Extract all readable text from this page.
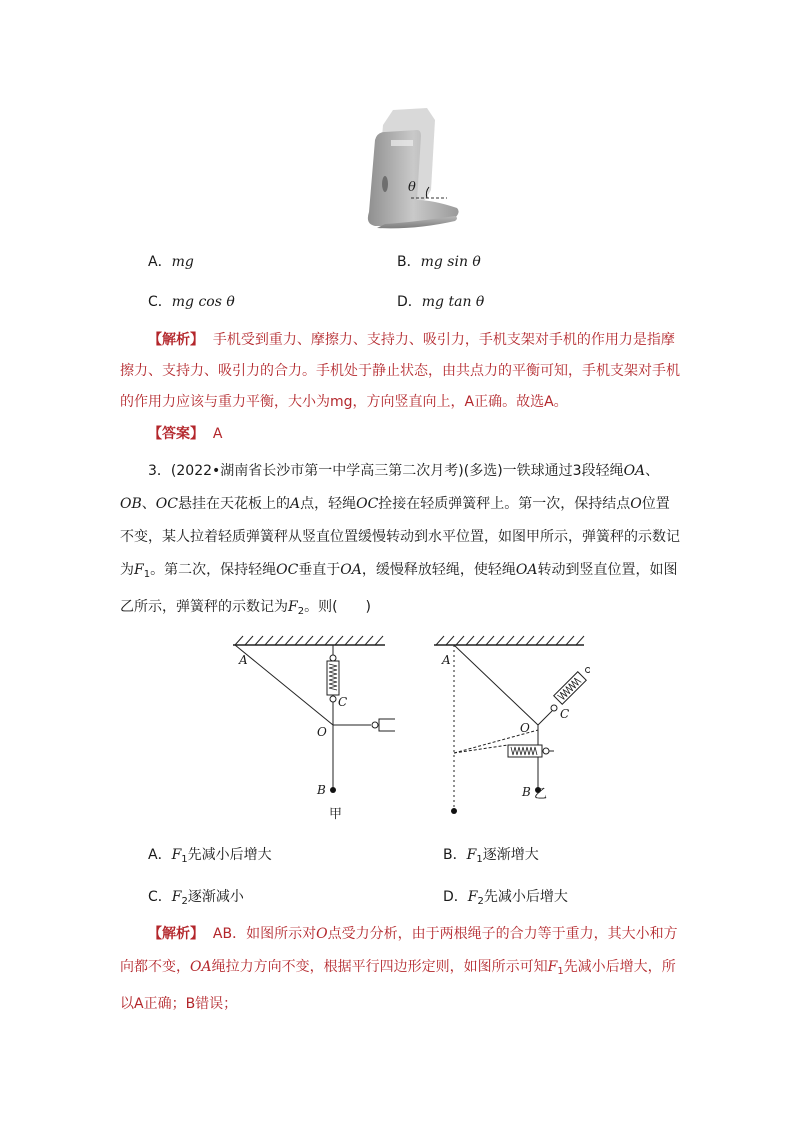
θ
A．mg	B．mg sin θ
C．mg cos θ	D．mg tan θ
【解析】 手机受到重力、摩擦力、支持力、吸引力，手机支架对手机的作用力是指摩擦力、支持力、吸引力的合力。手机处于静止状态，由共点力的平衡可知，手机支架对手机的作用力应该与重力平衡，大小为mg，方向竖直向上，A正确。故选A。
【答案】 A
3．(2022•湖南省长沙市第一中学高三第二次月考)(多选)一铁球通过3段轻绳OA、OB、OC悬挂在天花板上的A点，轻绳OC拴接在轻质弹簧秤上。第一次，保持结点O位置不变，某人拉着轻质弹簧秤从竖直位置缓慢转动到水平位置，如图甲所示，弹簧秤的示数记为$F_1$。第二次，保持轻绳OC垂直于OA，缓慢释放轻绳，使轻绳OA转动到竖直位置，如图乙所示，弹簧秤的示数记为$F_2$。则(　　)
A
C
O
B
甲
A
C
O
B 乙
A．$F_1$先减小后增大	B．$F_1$逐渐增大
C．$F_2$逐渐减小	D．$F_2$先减小后增大
【解析】 AB．如图所示对O点受力分析，由于两根绳子的合力等于重力，其大小和方向都不变，OA绳拉力方向不变，根据平行四边形定则，如图所示可知$F_1$先减小后增大，所以A正确；B错误；
